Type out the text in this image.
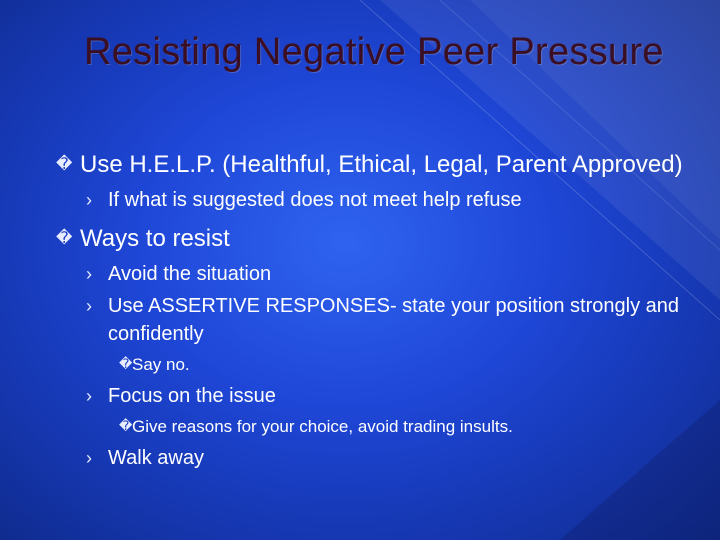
Resisting Negative Peer Pressure
� Use H.E.L.P. (Healthful, Ethical, Legal, Parent Approved)
› If what is suggested does not meet help refuse
� Ways to resist
› Avoid the situation
› Use ASSERTIVE RESPONSES- state your position strongly and confidently
� Say no.
› Focus on the issue
� Give reasons for your choice, avoid trading insults.
› Walk away
